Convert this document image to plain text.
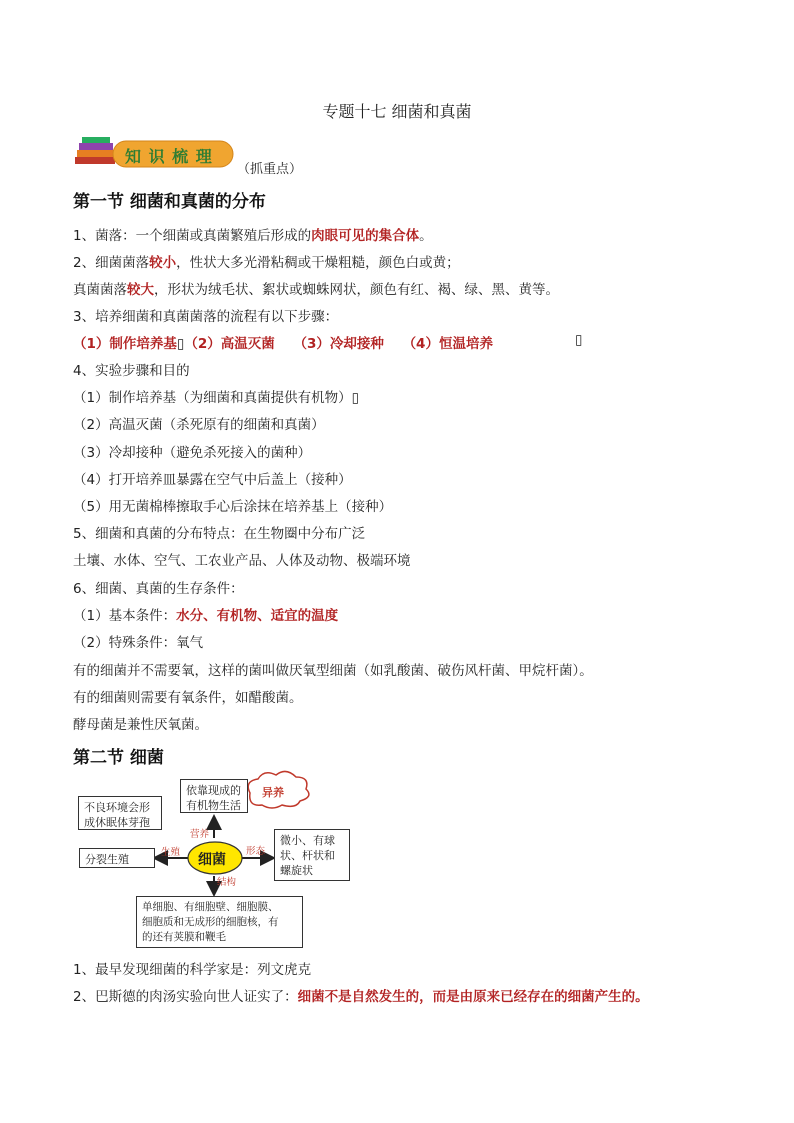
专题十七 细菌和真菌
知 识 梳 理
（抓重点）
第一节 细菌和真菌的分布
1、菌落：一个细菌或真菌繁殖后形成的肉眼可见的集合体。
2、细菌菌落较小，性状大多光滑粘稠或干燥粗糙，颜色白或黄；
真菌菌落较大，形状为绒毛状、絮状或蜘蛛网状，颜色有红、褐、绿、黑、黄等。
3、培养细菌和真菌菌落的流程有以下步骤：
（1）制作培养基▯（2）高温灭菌 （3）冷却接种 （4）恒温培养	▯
4、实验步骤和目的
（1）制作培养基（为细菌和真菌提供有机物）▯
（2）高温灭菌（杀死原有的细菌和真菌）
（3）冷却接种（避免杀死接入的菌种）
（4）打开培养皿暴露在空气中后盖上（接种）
（5）用无菌棉棒擦取手心后涂抹在培养基上（接种）
5、细菌和真菌的分布特点：在生物圈中分布广泛
土壤、水体、空气、工农业产品、人体及动物、极端环境
6、细菌、真菌的生存条件：
（1）基本条件：水分、有机物、适宜的温度
（2）特殊条件：氧气
有的细菌并不需要氧，这样的菌叫做厌氧型细菌（如乳酸菌、破伤风杆菌、甲烷杆菌）。
有的细菌则需要有氧条件，如醋酸菌。
酵母菌是兼性厌氧菌。
第二节 细菌
细菌
异养
依靠现成的
有机物生活
不良环境会形
成休眠体芽孢
分裂生殖
微小、有球
状、杆状和
螺旋状
单细胞、有细胞壁、细胞膜、
细胞质和无成形的细胞核，有
的还有荚膜和鞭毛
营养
生殖	形态
结构
1、最早发现细菌的科学家是：列文虎克
2、巴斯德的肉汤实验向世人证实了：细菌不是自然发生的，而是由原来已经存在的细菌产生的。
